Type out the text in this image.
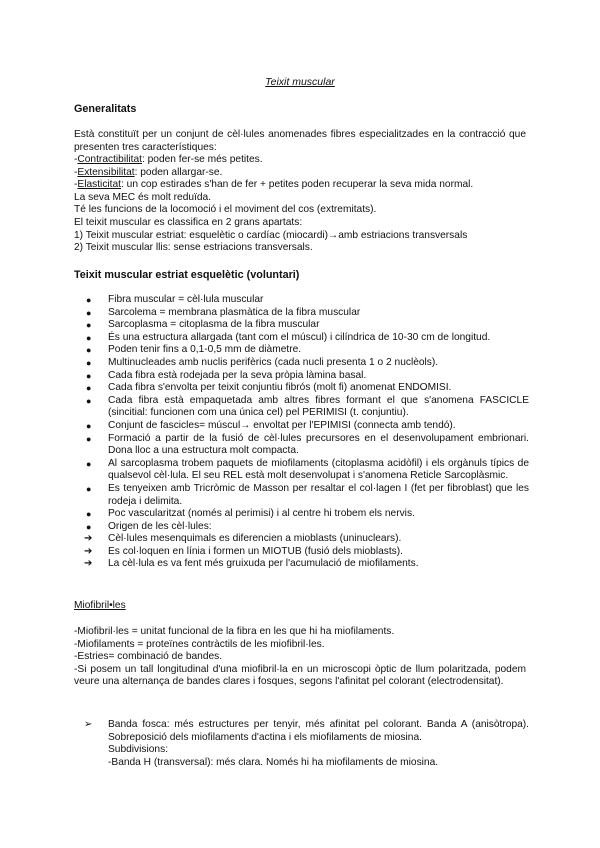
Teixit muscular

Generalitats

Està constituït per un conjunt de cèl·lules anomenades fibres especialitzades en la contracció que presenten tres característiques:

-Contractibilitat: poden fer-se més petites.
-Extensibilitat: poden allargar-se.
-Elasticitat: un cop estirades s'han de fer + petites poden recuperar la seva mida normal.
La seva MEC és molt reduïda.
Té les funcions de la locomoció i el moviment del cos (extremitats).
El teixit muscular es classifica en 2 grans apartats:
1) Teixit muscular estriat: esquelètic o cardíac (miocardi)→amb estriacions transversals
2) Teixit muscular llis: sense estriacions transversals.

Teixit muscular estriat esquelètic (voluntari)

● Fibra muscular = cèl·lula muscular
● Sarcolema = membrana plasmàtica de la fibra muscular
● Sarcoplasma = citoplasma de la fibra muscular
● És una estructura allargada (tant com el múscul) i cilíndrica de 10-30 cm de longitud.
● Poden tenir fins a 0,1-0,5 mm de diàmetre.
● Multinucleades amb nuclis perifèrics (cada nucli presenta 1 o 2 nuclèols).
● Cada fibra està rodejada per la seva pròpia làmina basal.
● Cada fibra s'envolta per teixit conjuntiu fibrós (molt fi) anomenat ENDOMISI.
● Cada fibra està empaquetada amb altres fibres formant el que s'anomena FASCICLE (sincitial: funcionen com una única cel) pel PERIMISI (t. conjuntiu).
● Conjunt de fascicles= múscul→ envoltat per l'EPIMISI (connecta amb tendó).
● Formació a partir de la fusió de cèl·lules precursores en el desenvolupament embrionari. Dona lloc a una estructura molt compacta.
● Al sarcoplasma trobem paquets de miofilaments (citoplasma acidòfil) i els orgànuls típics de qualsevol cèl·lula. El seu REL està molt desenvolupat i s'anomena Reticle Sarcoplàsmic.
● Es tenyeixen amb Tricròmic de Masson per resaltar el col·lagen I (fet per fibroblast) que les rodeja i delimita.
● Poc vascularitzat (només al perimisi) i al centre hi trobem els nervis.
● Origen de les cèl·lules:
➔ Cèl·lules mesenquimals es diferencien a mioblasts (uninuclears).
➔ Es col·loquen en línia i formen un MIOTUB (fusió dels mioblasts).
➔ La cèl·lula es va fent més gruixuda per l'acumulació de miofilaments.

Miofibril•les

-Miofibril·les = unitat funcional de la fibra en les que hi ha miofilaments.
-Miofilaments = proteïnes contràctils de les miofibril·les.
-Estries= combinació de bandes.
-Si posem un tall longitudinal d'una miofibril·la en un microscopi òptic de llum polaritzada, podem veure una alternança de bandes clares i fosques, segons l'afinitat pel colorant (electrodensitat).
➢ Banda fosca: més estructures per tenyir, més afinitat pel colorant. Banda A (anisòtropa). Sobreposició dels miofilaments d'actina i els miofilaments de miosina.
Subdivisions:
-Banda H (transversal): més clara. Només hi ha miofilaments de miosina.
